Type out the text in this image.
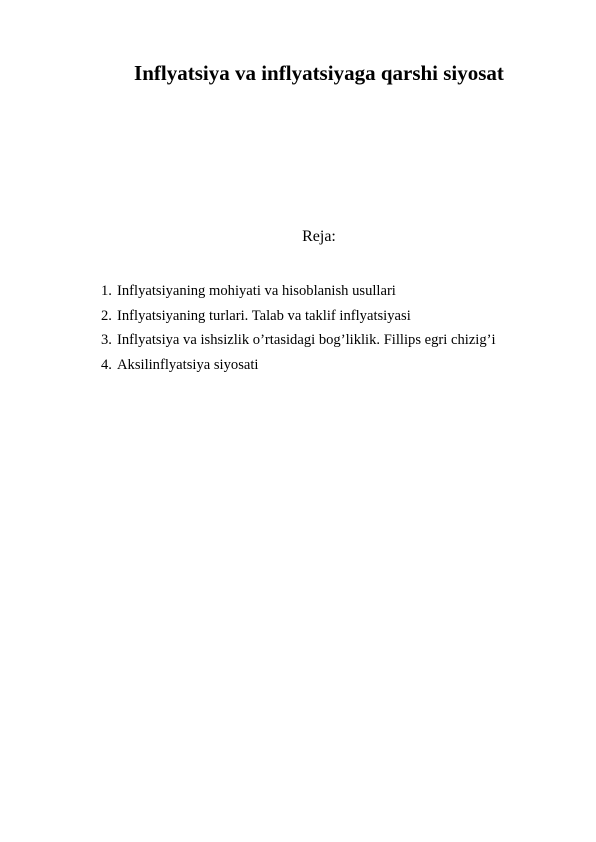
Inflyatsiya va inflyatsiyaga qarshi siyosat
Reja:
1. Inflyatsiyaning mohiyati va hisoblanish usullari
2. Inflyatsiyaning turlari. Talab va taklif inflyatsiyasi
3. Inflyatsiya va ishsizlik o’rtasidagi bog’liklik. Fillips egri chizig’i
4. Aksilinflyatsiya siyosati
